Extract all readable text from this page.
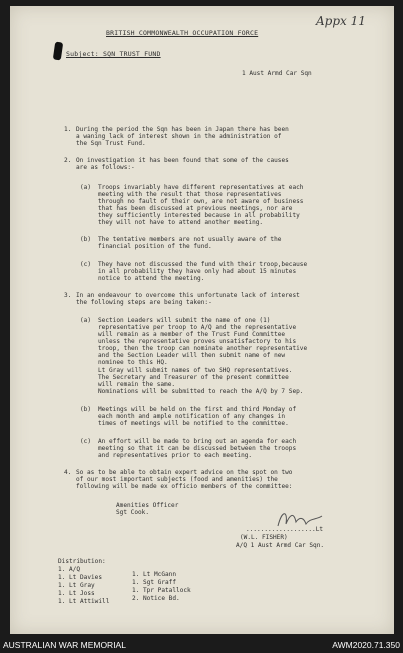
Appx 11
BRITISH COMMONWEALTH OCCUPATION FORCE
Subject: SQN TRUST FUND
1 Aust Armd Car Sqn
1. During the period the Sqn has been in Japan there has been
a waning lack of interest shown in the administration of
the Sqn Trust Fund.
2. On investigation it has been found that some of the causes
are as follows:-
(a) Troops invariably have different representatives at each
meeting with the result that those representatives
through no fault of their own, are not aware of business
that has been discussed at previous meetings, nor are
they sufficiently interested because in all probability
they will not have to attend another meeting.
(b) The tentative members are not usually aware of the
financial position of the fund.
(c) They have not discussed the fund with their troop,because
in all probability they have only had about 15 minutes
notice to attend the meeting.
3. In an endeavour to overcome this unfortunate lack of interest
the following steps are being taken:-
(a) Section Leaders will submit the name of one (1)
representative per troop to A/Q and the representative
will remain as a member of the Trust Fund Committee
unless the representative proves unsatisfactory to his
troop, then the troop can nominate another representative
and the Section Leader will then submit name of new
nominee to this HQ.
Lt Gray will submit names of two SHQ representatives.
The Secretary and Treasurer of the present committee
will remain the same.
Nominations will be submitted to reach the A/Q by 7 Sep.
(b) Meetings will be held on the first and third Monday of
each month and ample notification of any changes in
times of meetings will be notified to the committee.
(c) An effort will be made to bring out an agenda for each
meeting so that it can be discussed between the troops
and representatives prior to each meeting.
4. So as to be able to obtain expert advice on the spot on two
of our most important subjects (food and amenities) the
following will be made ex officio members of the committee:
Amenities Officer
Sgt Cook.
...................Lt
(W.L. FISHER)
A/Q 1 Aust Armd Car Sqn.
Distribution:
1. A/Q
1. Lt Davies
1. Lt Gray
1. Lt Joss
1. Lt Attiwill
1. Lt McGann
1. Sgt Graff
1. Tpr Patallock
2. Notice Bd.
AUSTRALIAN WAR MEMORIAL	AWM2020.71.350
